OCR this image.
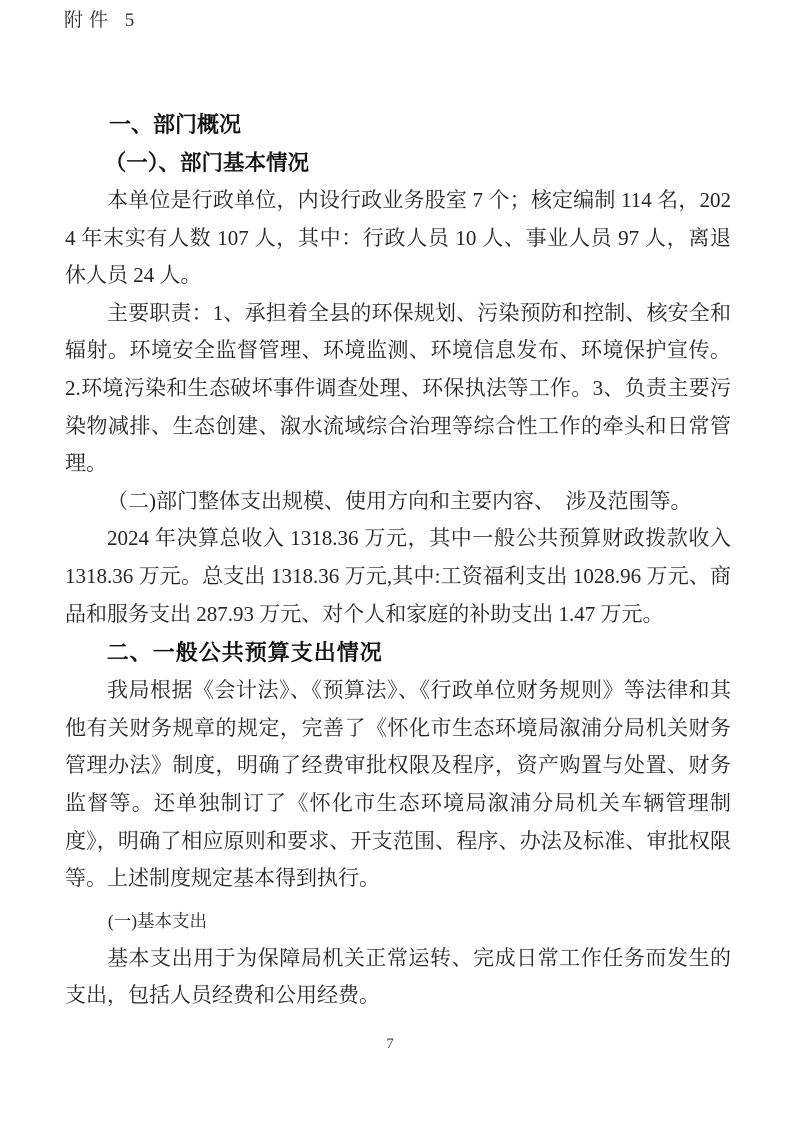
附件 5
一、部门概况
（一）、部门基本情况

本单位是行政单位，内设行政业务股室 7 个；核定编制 114 名，2024 年末实有人数 107 人，其中：行政人员 10 人、事业人员 97 人，离退休人员 24 人。

主要职责：1、承担着全县的环保规划、污染预防和控制、核安全和辐射。环境安全监督管理、环境监测、环境信息发布、环境保护宣传。2.环境污染和生态破坏事件调查处理、环保执法等工作。3、负责主要污染物减排、生态创建、溆水流域综合治理等综合性工作的牵头和日常管理。

（二)部门整体支出规模、使用方向和主要内容、　涉及范围等。

2024 年决算总收入 1318.36 万元，其中一般公共预算财政拨款收入 1318.36 万元。总支出 1318.36 万元,其中:工资福利支出 1028.96 万元、商品和服务支出 287.93 万元、对个人和家庭的补助支出 1.47 万元。

二、一般公共预算支出情况

我局根据《会计法》、《预算法》、《行政单位财务规则》等法律和其他有关财务规章的规定，完善了《怀化市生态环境局溆浦分局机关财务管理办法》制度，明确了经费审批权限及程序，资产购置与处置、财务监督等。还单独制订了《怀化市生态环境局溆浦分局机关车辆管理制度》，明确了相应原则和要求、开支范围、程序、办法及标准、审批权限等。上述制度规定基本得到执行。

(一)基本支出

基本支出用于为保障局机关正常运转、完成日常工作任务而发生的支出，包括人员经费和公用经费。

7
